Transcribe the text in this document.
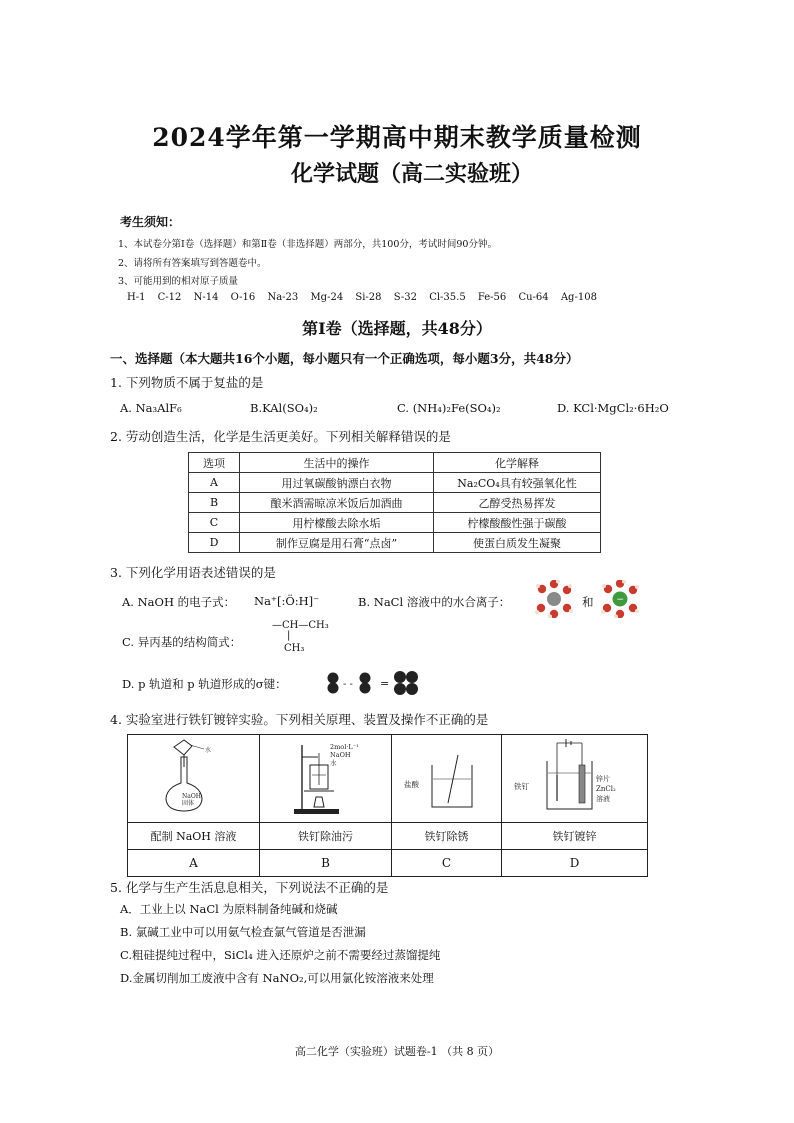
2024学年第一学期高中期末教学质量检测
化学试题（高二实验班）
考生须知：
1、本试卷分第Ⅰ卷（选择题）和第Ⅱ卷（非选择题）两部分，共100分，考试时间90分钟。
2、请将所有答案填写到答题卷中。
3、可能用到的相对原子质量
H-1 C-12 N-14 O-16 Na-23 Mg-24 Si-28 S-32 Cl-35.5 Fe-56 Cu-64 Ag-108
第Ⅰ卷（选择题，共48分）
一、选择题（本大题共16个小题，每小题只有一个正确选项，每小题3分，共48分）
1. 下列物质不属于复盐的是
A. Na₃AlF₆	B.KAl(SO₄)₂	C. (NH₄)₂Fe(SO₄)₂	D. KCl·MgCl₂·6H₂O
2. 劳动创造生活，化学是生活更美好。下列相关解释错误的是
选项	生活中的操作	化学解释
A	用过氧碳酸钠漂白衣物	Na₂CO₄具有较强氧化性
B	酿米酒需晾凉米饭后加酒曲	乙醇受热易挥发
C	用柠檬酸去除水垢	柠檬酸酸性强于碳酸
D	制作豆腐是用石膏“点卤”	使蛋白质发生凝聚
3. 下列化学用语表述错误的是
A. NaOH 的电子式： Na⁺[:Ö:H]⁻	B. NaCl 溶液中的水合离子：	−
和
C. 异丙基的结构简式：
—CH—CH₃
|
CH₃
D. p 轨道和 p 轨道形成的σ键：	- - =
4. 实验室进行铁钉镀锌实验。下列相关原理、装置及操作不正确的是
水
NaOH
固体	2mol·L⁻¹
NaOH
水	盐酸	铁钉
锌片
ZnCl₂
溶液

配制 NaOH 溶液	铁钉除油污	铁钉除锈	铁钉镀锌
A	B	C	D
5. 化学与生产生活息息相关，下列说法不正确的是
A．工业上以 NaCl 为原料制备纯碱和烧碱
B. 氯碱工业中可以用氨气检查氯气管道是否泄漏
C.粗硅提纯过程中，SiCl₄ 进入还原炉之前不需要经过蒸馏提纯
D.金属切削加工废液中含有 NaNO₂,可以用氯化铵溶液来处理
高二化学（实验班）试题卷-1 （共 8 页）
